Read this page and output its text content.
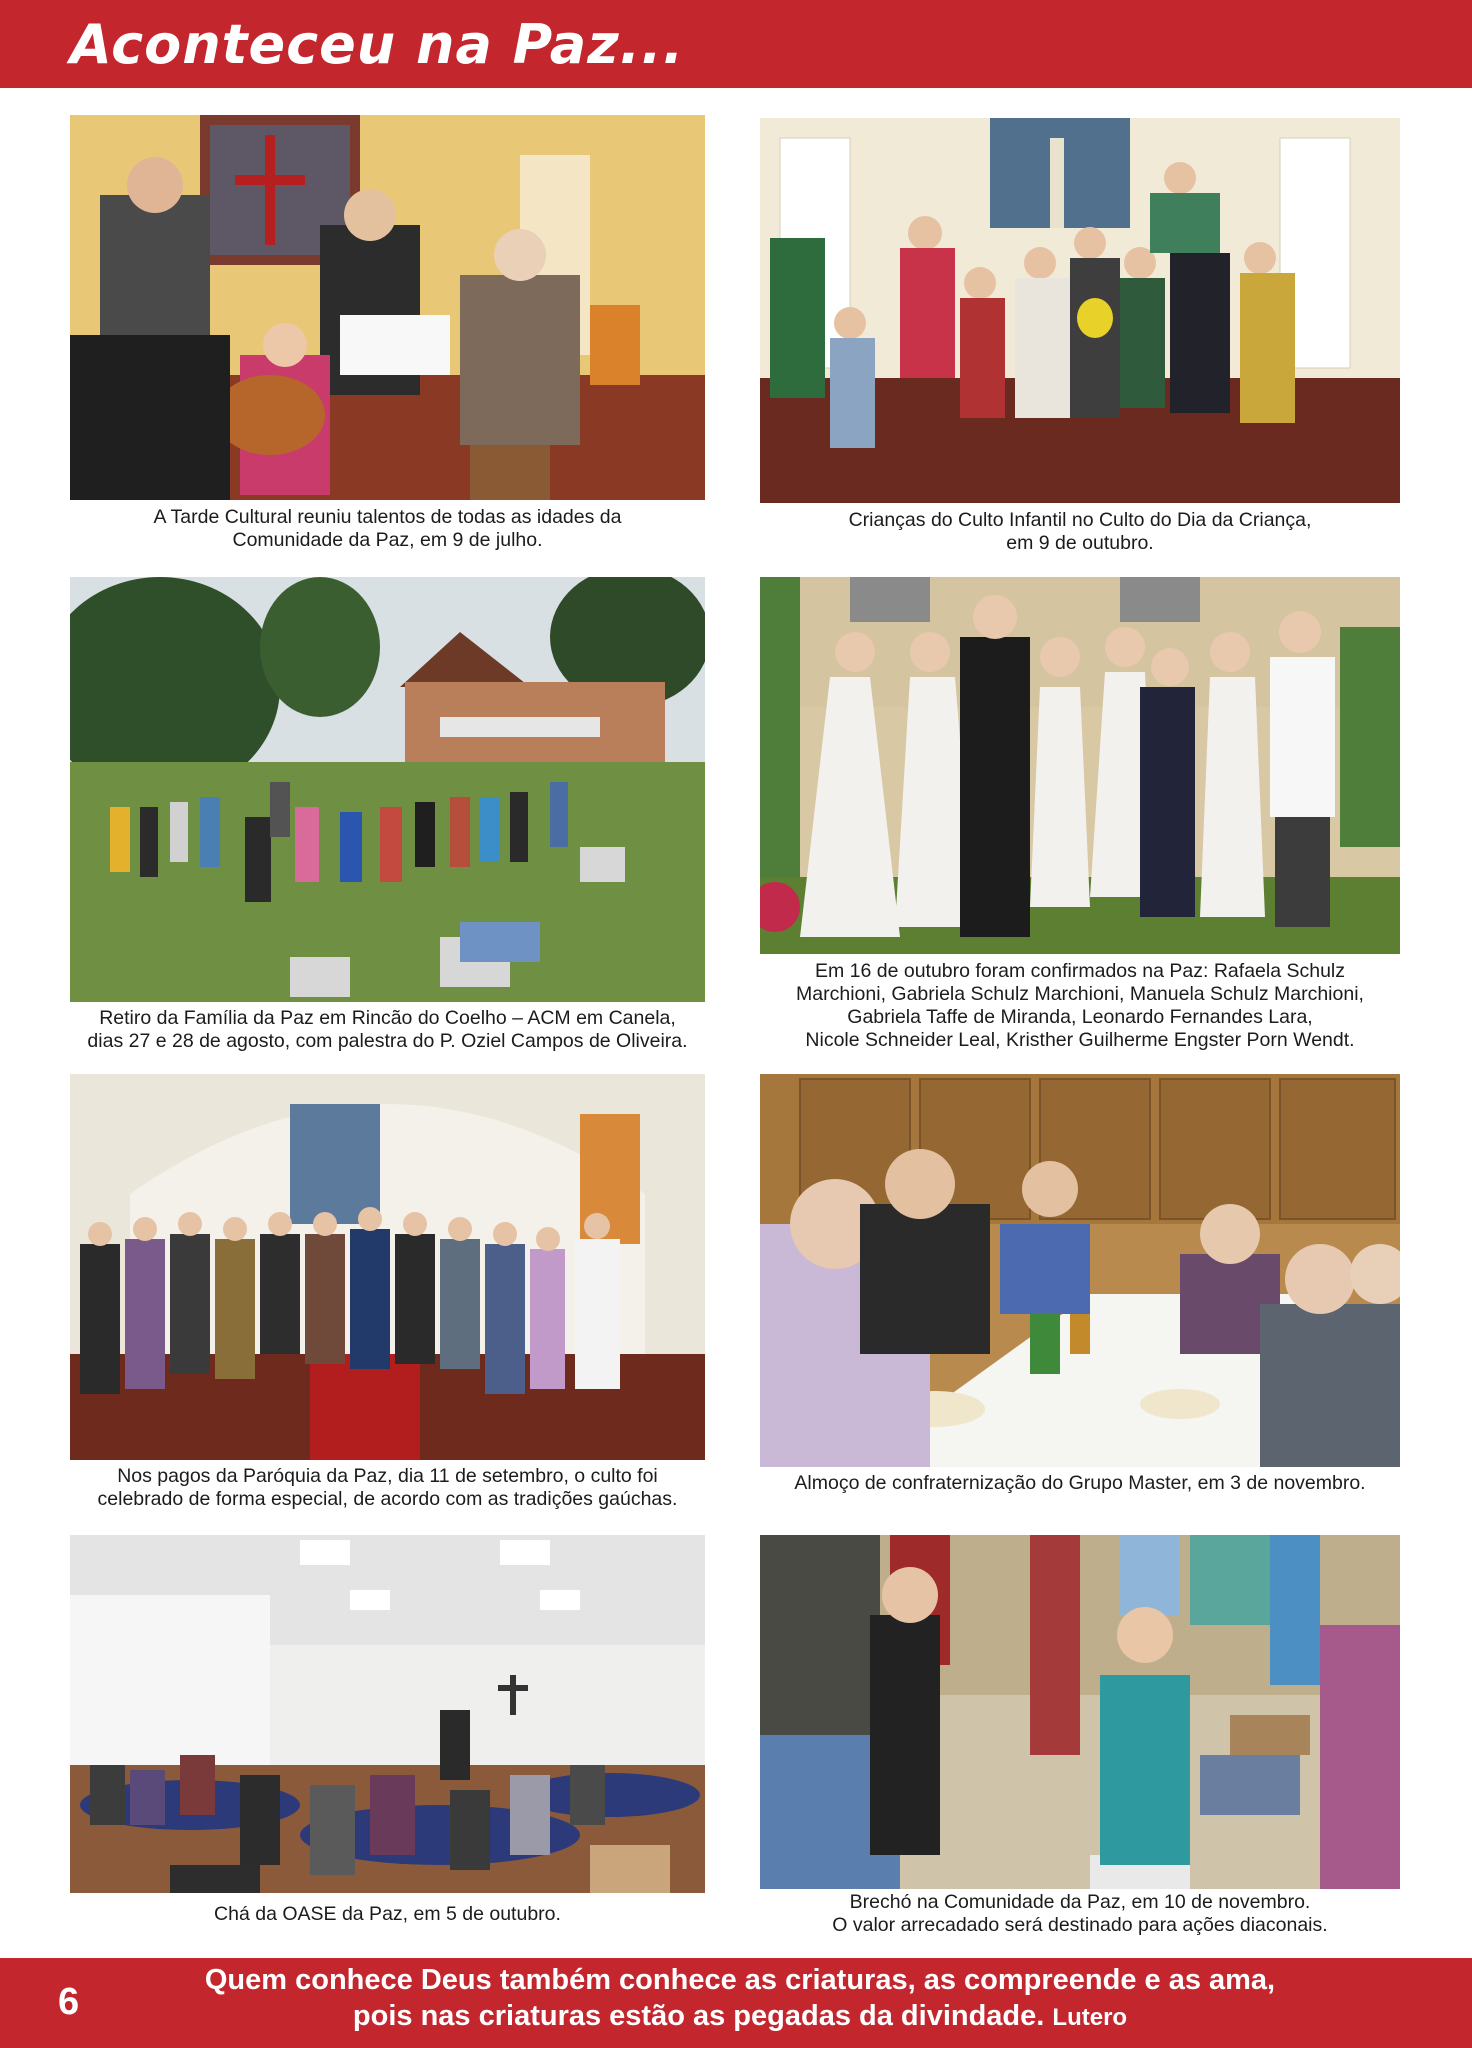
Aconteceu na Paz...

A Tarde Cultural reuniu talentos de todas as idades da
Comunidade da Paz, em 9 de julho.

Crianças do Culto Infantil no Culto do Dia da Criança,
em 9 de outubro.

Retiro da Família da Paz em Rincão do Coelho – ACM em Canela,
dias 27 e 28 de agosto, com palestra do P. Oziel Campos de Oliveira.

Em 16 de outubro foram confirmados na Paz: Rafaela Schulz
Marchioni, Gabriela Schulz Marchioni, Manuela Schulz Marchioni,
Gabriela Taffe de Miranda, Leonardo Fernandes Lara,
Nicole Schneider Leal, Kristher Guilherme Engster Porn Wendt.

Nos pagos da Paróquia da Paz, dia 11 de setembro, o culto foi
celebrado de forma especial, de acordo com as tradições gaúchas.

Almoço de confraternização do Grupo Master, em 3 de novembro.

Chá da OASE da Paz, em 5 de outubro.

Brechó na Comunidade da Paz, em 10 de novembro.
O valor arrecadado será destinado para ações diaconais.

6

Quem conhece Deus também conhece as criaturas, as compreende e as ama,
pois nas criaturas estão as pegadas da divindade. Lutero
